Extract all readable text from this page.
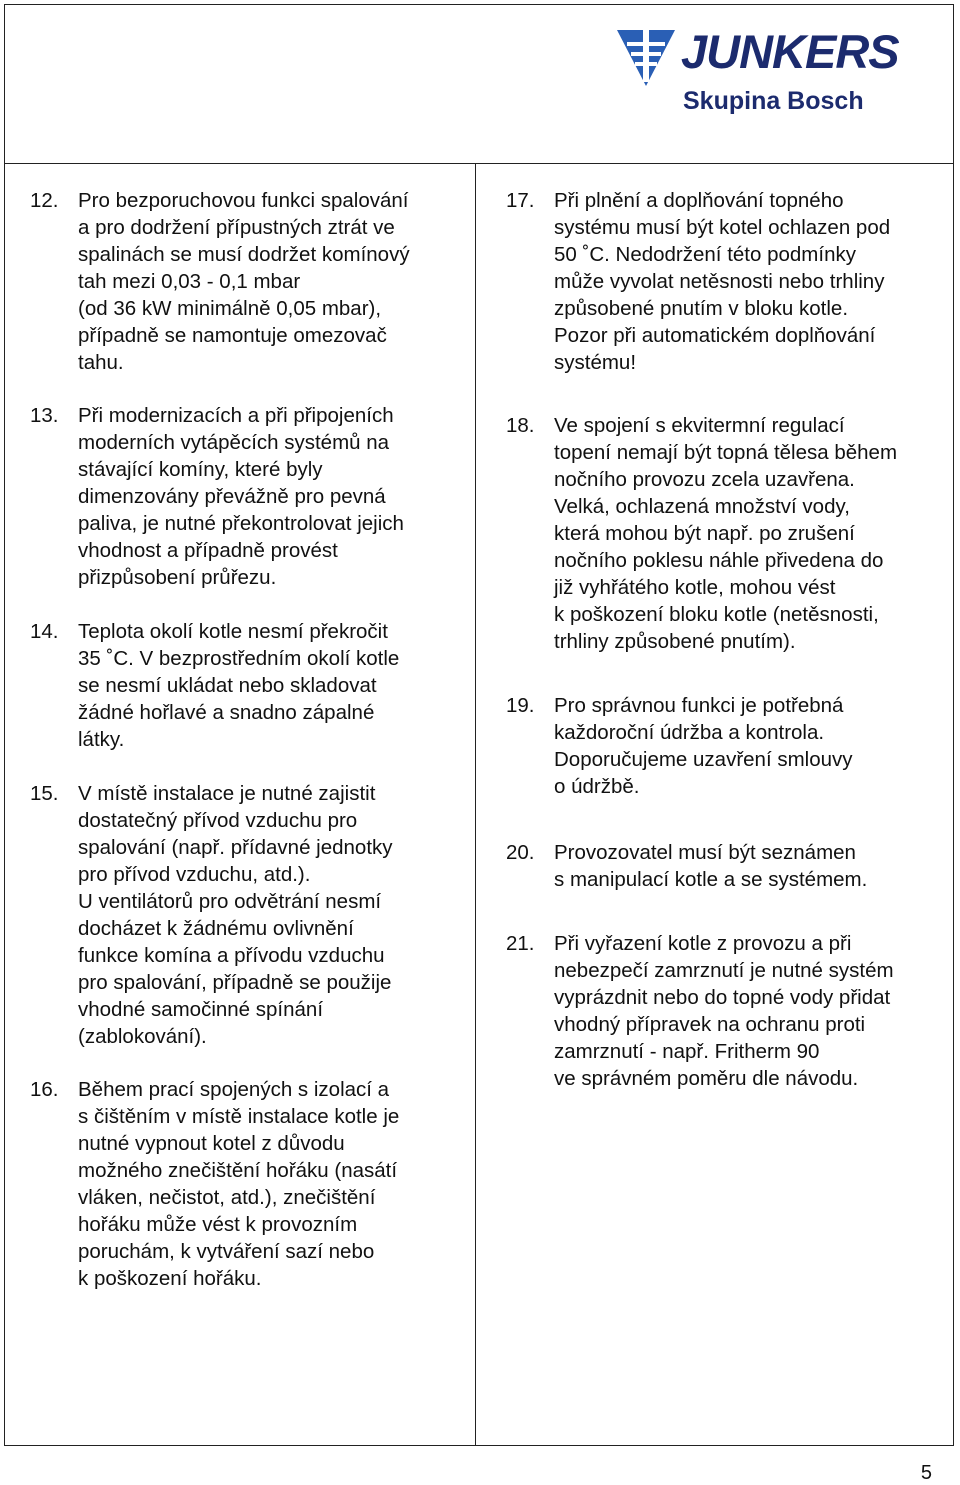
JUNKERS
Skupina Bosch
12. Pro bezporuchovou funkci spalování
a pro dodržení přípustných ztrát ve
spalinách se musí dodržet komínový
tah mezi 0,03 - 0,1 mbar
(od 36 kW minimálně 0,05 mbar),
případně se namontuje omezovač
tahu.
13. Při modernizacích a při připojeních
moderních vytápěcích systémů na
stávající komíny, které byly
dimenzovány převážně pro pevná
paliva, je nutné překontrolovat jejich
vhodnost a případně provést
přizpůsobení průřezu.
14. Teplota okolí kotle nesmí překročit
35 ˚C. V bezprostředním okolí kotle
se nesmí ukládat nebo skladovat
žádné hořlavé a snadno zápalné
látky.
15. V místě instalace je nutné zajistit
dostatečný přívod vzduchu pro
spalování (např. přídavné jednotky
pro přívod vzduchu, atd.).
U ventilátorů pro odvětrání nesmí
docházet k žádnému ovlivnění
funkce komína a přívodu vzduchu
pro spalování, případně se použije
vhodné samočinné spínání
(zablokování).
16. Během prací spojených s izolací a
s čištěním v místě instalace kotle je
nutné vypnout kotel z důvodu
možného znečištění hořáku (nasátí
vláken, nečistot, atd.), znečištění
hořáku může vést k provozním
poruchám, k vytváření sazí nebo
k poškození hořáku.
17. Při plnění a doplňování topného
systému musí být kotel ochlazen pod
50 ˚C. Nedodržení této podmínky
může vyvolat netěsnosti nebo trhliny
způsobené pnutím v bloku kotle.
Pozor při automatickém doplňování
systému!
18. Ve spojení s ekvitermní regulací
topení nemají být topná tělesa během
nočního provozu zcela uzavřena.
Velká, ochlazená množství vody,
která mohou být např. po zrušení
nočního poklesu náhle přivedena do
již vyhřátého kotle, mohou vést
k poškození bloku kotle (netěsnosti,
trhliny způsobené pnutím).
19. Pro správnou funkci je potřebná
každoroční údržba a kontrola.
Doporučujeme uzavření smlouvy
o údržbě.
20. Provozovatel musí být seznámen
s manipulací kotle a se systémem.
21. Při vyřazení kotle z provozu a při
nebezpečí zamrznutí je nutné systém
vyprázdnit nebo do topné vody přidat
vhodný přípravek na ochranu proti
zamrznutí - např. Fritherm 90
ve správném poměru dle návodu.
5
